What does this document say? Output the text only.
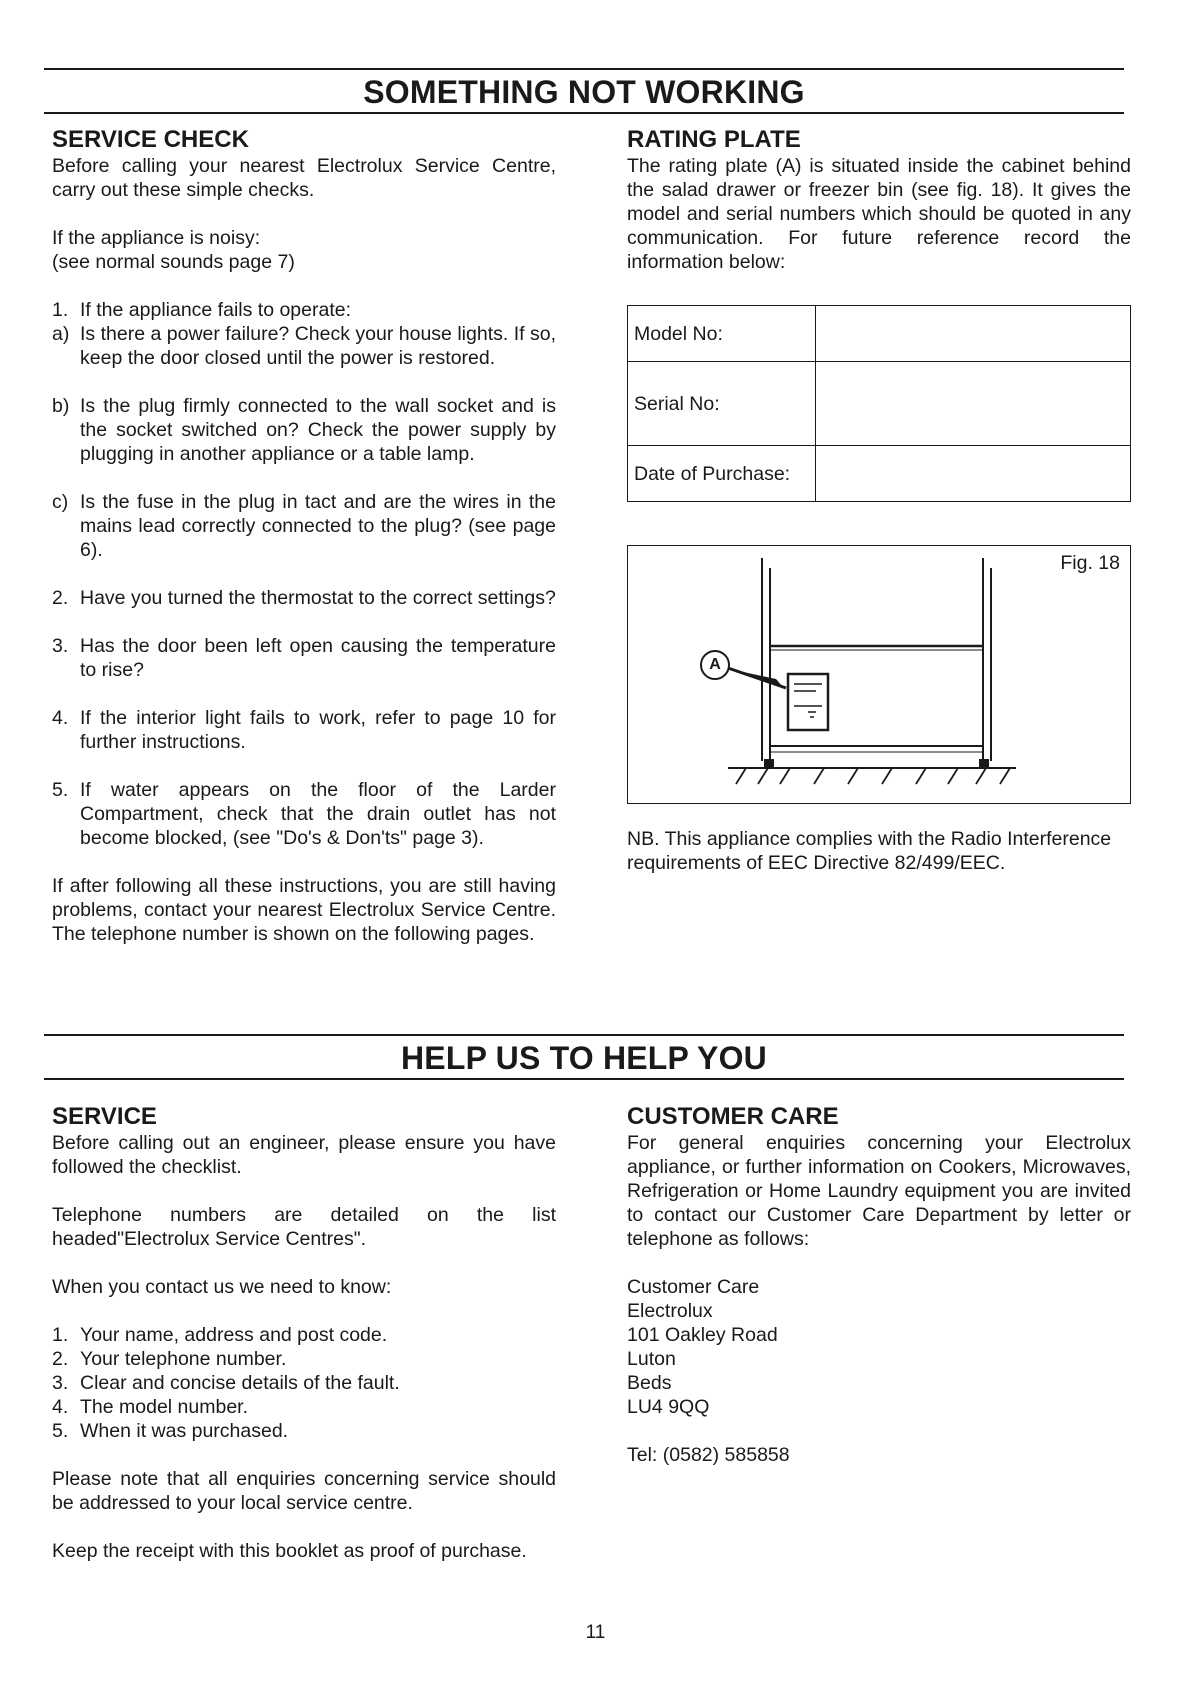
SOMETHING NOT WORKING
SERVICE CHECK

Before calling your nearest Electrolux Service Centre, carry out these simple checks.

If the appliance is noisy:

(see normal sounds page 7)

1. If the appliance fails to operate:
a) Is there a power failure? Check your house lights. If so, keep the door closed until the power is restored.
b) Is the plug firmly connected to the wall socket and is the socket switched on? Check the power supply by plugging in another appliance or a table lamp.
c) Is the fuse in the plug in tact and are the wires in the mains lead correctly connected to the plug? (see page 6).
2. Have you turned the thermostat to the correct settings?
3. Has the door been left open causing the temperature to rise?
4. If the interior light fails to work, refer to page 10 for further instructions.
5. If water appears on the floor of the Larder Compartment, check that the drain outlet has not become blocked, (see "Do's & Don'ts" page 3).

If after following all these instructions, you are still having problems, contact your nearest Electrolux Service Centre. The telephone number is shown on the following pages.

RATING PLATE

The rating plate (A) is situated inside the cabinet behind the salad drawer or freezer bin (see fig. 18). It gives the model and serial numbers which should be quoted in any communication. For future reference record the information below:

Model No:	
Serial No:	
Date of Purchase:	
Fig. 18
A

NB. This appliance complies with the Radio Interference requirements of EEC Directive 82/499/EEC.

HELP US TO HELP YOU
SERVICE

Before calling out an engineer, please ensure you have followed the checklist.

Telephone numbers are detailed on the list headed"Electrolux Service Centres".

When you contact us we need to know:

1. Your name, address and post code.
2. Your telephone number.
3. Clear and concise details of the fault.
4. The model number.
5. When it was purchased.

Please note that all enquiries concerning service should be addressed to your local service centre.

Keep the receipt with this booklet as proof of purchase.

CUSTOMER CARE

For general enquiries concerning your Electrolux appliance, or further information on Cookers, Microwaves, Refrigeration or Home Laundry equipment you are invited to contact our Customer Care Department by letter or telephone as follows:

Customer Care

Electrolux

101 Oakley Road

Luton

Beds

LU4 9QQ

Tel: (0582) 585858

11
